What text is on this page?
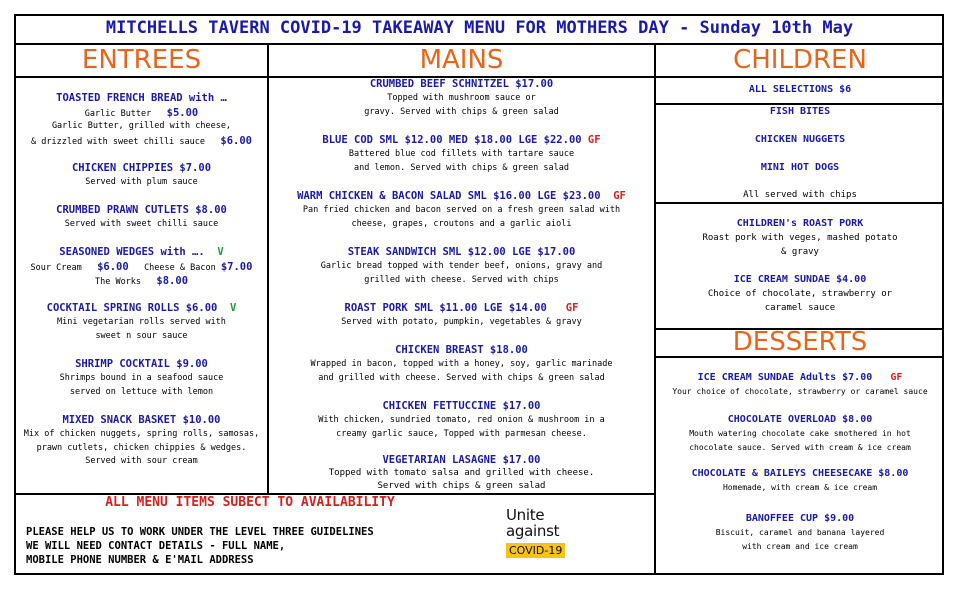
MITCHELLS TAVERN COVID-19 TAKEAWAY MENU FOR MOTHERS DAY - Sunday 10th May
ENTREES	MAINS	CHILDREN
DESSERTS
TOASTED FRENCH BREAD with …
Garlic Butter $5.00
Garlic Butter, grilled with cheese,
& drizzled with sweet chilli sauce $6.00
CHICKEN CHIPPIES $7.00
Served with plum sauce
CRUMBED PRAWN CUTLETS $8.00
Served with sweet chilli sauce
SEASONED WEDGES with …. V
Sour Cream $6.00 Cheese & Bacon $7.00
The Works $8.00
COCKTAIL SPRING ROLLS $6.00 V
Mini vegetarian rolls served with
sweet n sour sauce
SHRIMP COCKTAIL $9.00
Shrimps bound in a seafood sauce
served on lettuce with lemon
MIXED SNACK BASKET $10.00
Mix of chicken nuggets, spring rolls, samosas,
prawn cutlets, chicken chippies & wedges.
Served with sour cream
CRUMBED BEEF SCHNITZEL $17.00
Topped with mushroom sauce or
gravy. Served with chips & green salad
BLUE COD SML $12.00 MED $18.00 LGE $22.00 GF
Battered blue cod fillets with tartare sauce
and lemon. Served with chips & green salad
WARM CHICKEN & BACON SALAD SML $16.00 LGE $23.00 GF
Pan fried chicken and bacon served on a fresh green salad with
cheese, grapes, croutons and a garlic aioli
STEAK SANDWICH SML $12.00 LGE $17.00
Garlic bread topped with tender beef, onions, gravy and
grilled with cheese. Served with chips
ROAST PORK SML $11.00 LGE $14.00 GF
Served with potato, pumpkin, vegetables & gravy
CHICKEN BREAST $18.00
Wrapped in bacon, topped with a honey, soy, garlic marinade
and grilled with cheese. Served with chips & green salad
CHICKEN FETTUCCINE $17.00
With chicken, sundried tomato, red onion & mushroom in a
creamy garlic sauce, Topped with parmesan cheese.
VEGETARIAN LASAGNE $17.00
Topped with tomato salsa and grilled with cheese.
Served with chips & green salad
ALL SELECTIONS $6
FISH BITES
CHICKEN NUGGETS
MINI HOT DOGS
All served with chips
CHILDREN's ROAST PORK
Roast pork with veges, mashed potato
& gravy
ICE CREAM SUNDAE $4.00
Choice of chocolate, strawberry or
caramel sauce
ICE CREAM SUNDAE Adults $7.00 GF
Your choice of chocolate, strawberry or caramel sauce
CHOCOLATE OVERLOAD $8.00
Mouth watering chocolate cake smothered in hot
chocolate sauce. Served with cream & ice cream
CHOCOLATE & BAILEYS CHEESECAKE $8.00
Homemade, with cream & ice cream
BANOFFEE CUP $9.00
Biscuit, caramel and banana layered
with cream and ice cream
ALL MENU ITEMS SUBECT TO AVAILABILITY
PLEASE HELP US TO WORK UNDER THE LEVEL THREE GUIDELINES
WE WILL NEED CONTACT DETAILS - FULL NAME,
MOBILE PHONE NUMBER & E'MAIL ADDRESS
Unite
against
COVID-19
